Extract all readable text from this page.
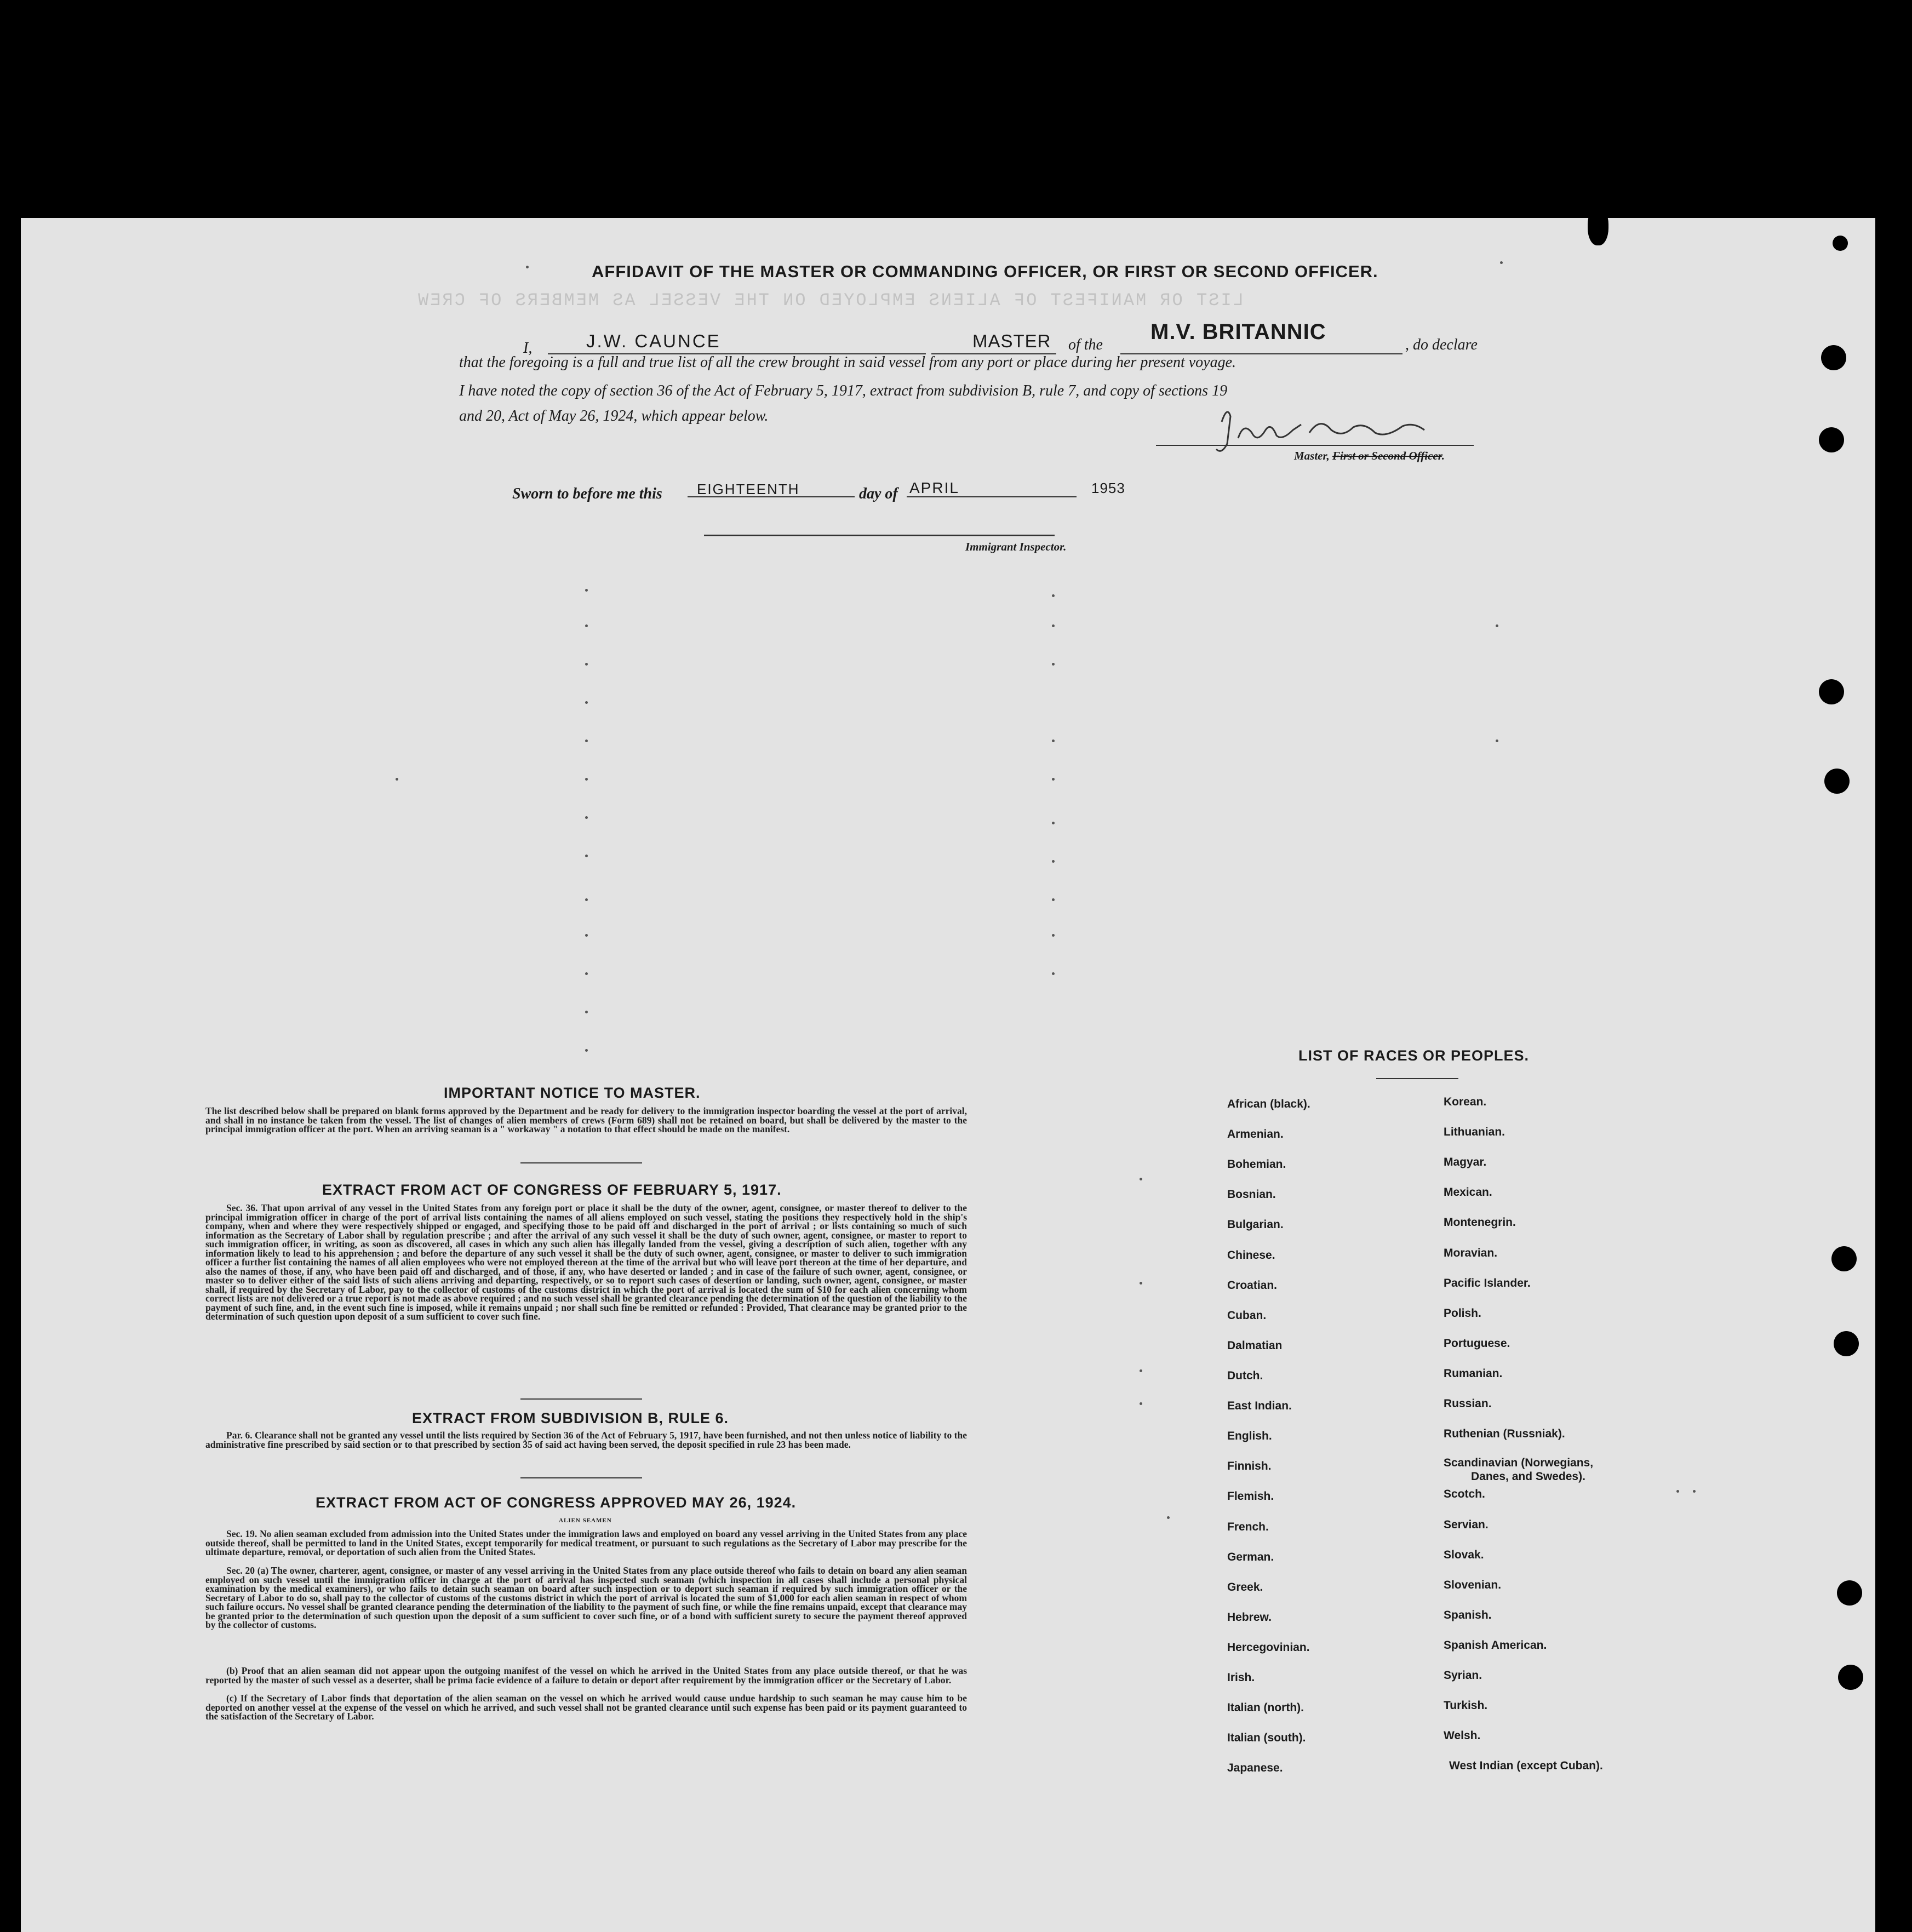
LIST OR MANIFEST OF ALIENS EMPLOYED ON THE VESSEL AS MEMBERS OF CREW
AFFIDAVIT OF THE MASTER OR COMMANDING OFFICER, OR FIRST OR SECOND OFFICER.
I,	J.W. CAUNCE	MASTER of the
M.V. BRITANNIC
, do declare
that the foregoing is a full and true list of all the crew brought in said vessel from any port or place during her present voyage.
I have noted the copy of section 36 of the Act of February 5, 1917, extract from subdivision B, rule 7, and copy of sections 19
and 20, Act of May 26, 1924, which appear below.
Master, First or Second Officer.
Sworn to before me this EIGHTEENTH	day of APRIL	1953
Immigrant Inspector.
IMPORTANT NOTICE TO MASTER.
The list described below shall be prepared on blank forms approved by the Department and be ready for delivery to the immigration inspector boarding the vessel at the port of arrival, and shall in no instance be taken from the vessel. The list of changes of alien members of crews (Form 689) shall not be retained on board, but shall be delivered by the master to the principal immigration officer at the port. When an arriving seaman is a " workaway " a notation to that effect should be made on the manifest.
EXTRACT FROM ACT OF CONGRESS OF FEBRUARY 5, 1917.
Sec. 36. That upon arrival of any vessel in the United States from any foreign port or place it shall be the duty of the owner, agent, consignee, or master thereof to deliver to the principal immigration officer in charge of the port of arrival lists containing the names of all aliens employed on such vessel, stating the positions they respectively hold in the ship's company, when and where they were respectively shipped or engaged, and specifying those to be paid off and discharged in the port of arrival ; or lists containing so much of such information as the Secretary of Labor shall by regulation prescribe ; and after the arrival of any such vessel it shall be the duty of such owner, agent, consignee, or master to report to such immigration officer, in writing, as soon as discovered, all cases in which any such alien has illegally landed from the vessel, giving a description of such alien, together with any information likely to lead to his apprehension ; and before the departure of any such vessel it shall be the duty of such owner, agent, consignee, or master to deliver to such immigration officer a further list containing the names of all alien employees who were not employed thereon at the time of the arrival but who will leave port thereon at the time of her departure, and also the names of those, if any, who have been paid off and discharged, and of those, if any, who have deserted or landed ; and in case of the failure of such owner, agent, consignee, or master so to deliver either of the said lists of such aliens arriving and departing, respectively, or so to report such cases of desertion or landing, such owner, agent, consignee, or master shall, if required by the Secretary of Labor, pay to the collector of customs of the customs district in which the port of arrival is located the sum of $10 for each alien concerning whom correct lists are not delivered or a true report is not made as above required ; and no such vessel shall be granted clearance pending the determination of the question of the liability to the payment of such fine, and, in the event such fine is imposed, while it remains unpaid ; nor shall such fine be remitted or refunded : Provided, That clearance may be granted prior to the determination of such question upon deposit of a sum sufficient to cover such fine.
EXTRACT FROM SUBDIVISION B, RULE 6.
Par. 6. Clearance shall not be granted any vessel until the lists required by Section 36 of the Act of February 5, 1917, have been furnished, and not then unless notice of liability to the administrative fine prescribed by said section or to that prescribed by section 35 of said act having been served, the deposit specified in rule 23 has been made.
EXTRACT FROM ACT OF CONGRESS APPROVED MAY 26, 1924.
ALIEN SEAMEN
Sec. 19. No alien seaman excluded from admission into the United States under the immigration laws and employed on board any vessel arriving in the United States from any place outside thereof, shall be permitted to land in the United States, except temporarily for medical treatment, or pursuant to such regulations as the Secretary of Labor may prescribe for the ultimate departure, removal, or deportation of such alien from the United States.
Sec. 20 (a) The owner, charterer, agent, consignee, or master of any vessel arriving in the United States from any place outside thereof who fails to detain on board any alien seaman employed on such vessel until the immigration officer in charge at the port of arrival has inspected such seaman (which inspection in all cases shall include a personal physical examination by the medical examiners), or who fails to detain such seaman on board after such inspection or to deport such seaman if required by such immigration officer or the Secretary of Labor to do so, shall pay to the collector of customs of the customs district in which the port of arrival is located the sum of $1,000 for each alien seaman in respect of whom such failure occurs. No vessel shall be granted clearance pending the determination of the liability to the payment of such fine, or while the fine remains unpaid, except that clearance may be granted prior to the determination of such question upon the deposit of a sum sufficient to cover such fine, or of a bond with sufficient surety to secure the payment thereof approved by the collector of customs.
(b) Proof that an alien seaman did not appear upon the outgoing manifest of the vessel on which he arrived in the United States from any place outside thereof, or that he was reported by the master of such vessel as a deserter, shall be prima facie evidence of a failure to detain or deport after requirement by the immigration officer or the Secretary of Labor.
(c) If the Secretary of Labor finds that deportation of the alien seaman on the vessel on which he arrived would cause undue hardship to such seaman he may cause him to be deported on another vessel at the expense of the vessel on which he arrived, and such vessel shall not be granted clearance until such expense has been paid or its payment guaranteed to the satisfaction of the Secretary of Labor.
LIST OF RACES OR PEOPLES.
African (black).
Armenian.
Bohemian.
Bosnian.
Bulgarian.
Chinese.
Croatian.
Cuban.
Dalmatian
Dutch.
East Indian.
English.
Finnish.
Flemish.
French.
German.
Greek.
Hebrew.
Hercegovinian.
Irish.
Italian (north).
Italian (south).
Japanese.
Korean.
Lithuanian.
Magyar.
Mexican.
Montenegrin.
Moravian.
Pacific Islander.
Polish.
Portuguese.
Rumanian.
Russian.
Ruthenian (Russniak).
Scandinavian (Norwegians,
Danes, and Swedes).
Scotch.
Servian.
Slovak.
Slovenian.
Spanish.
Spanish American.
Syrian.
Turkish.
Welsh.
West Indian (except Cuban).
